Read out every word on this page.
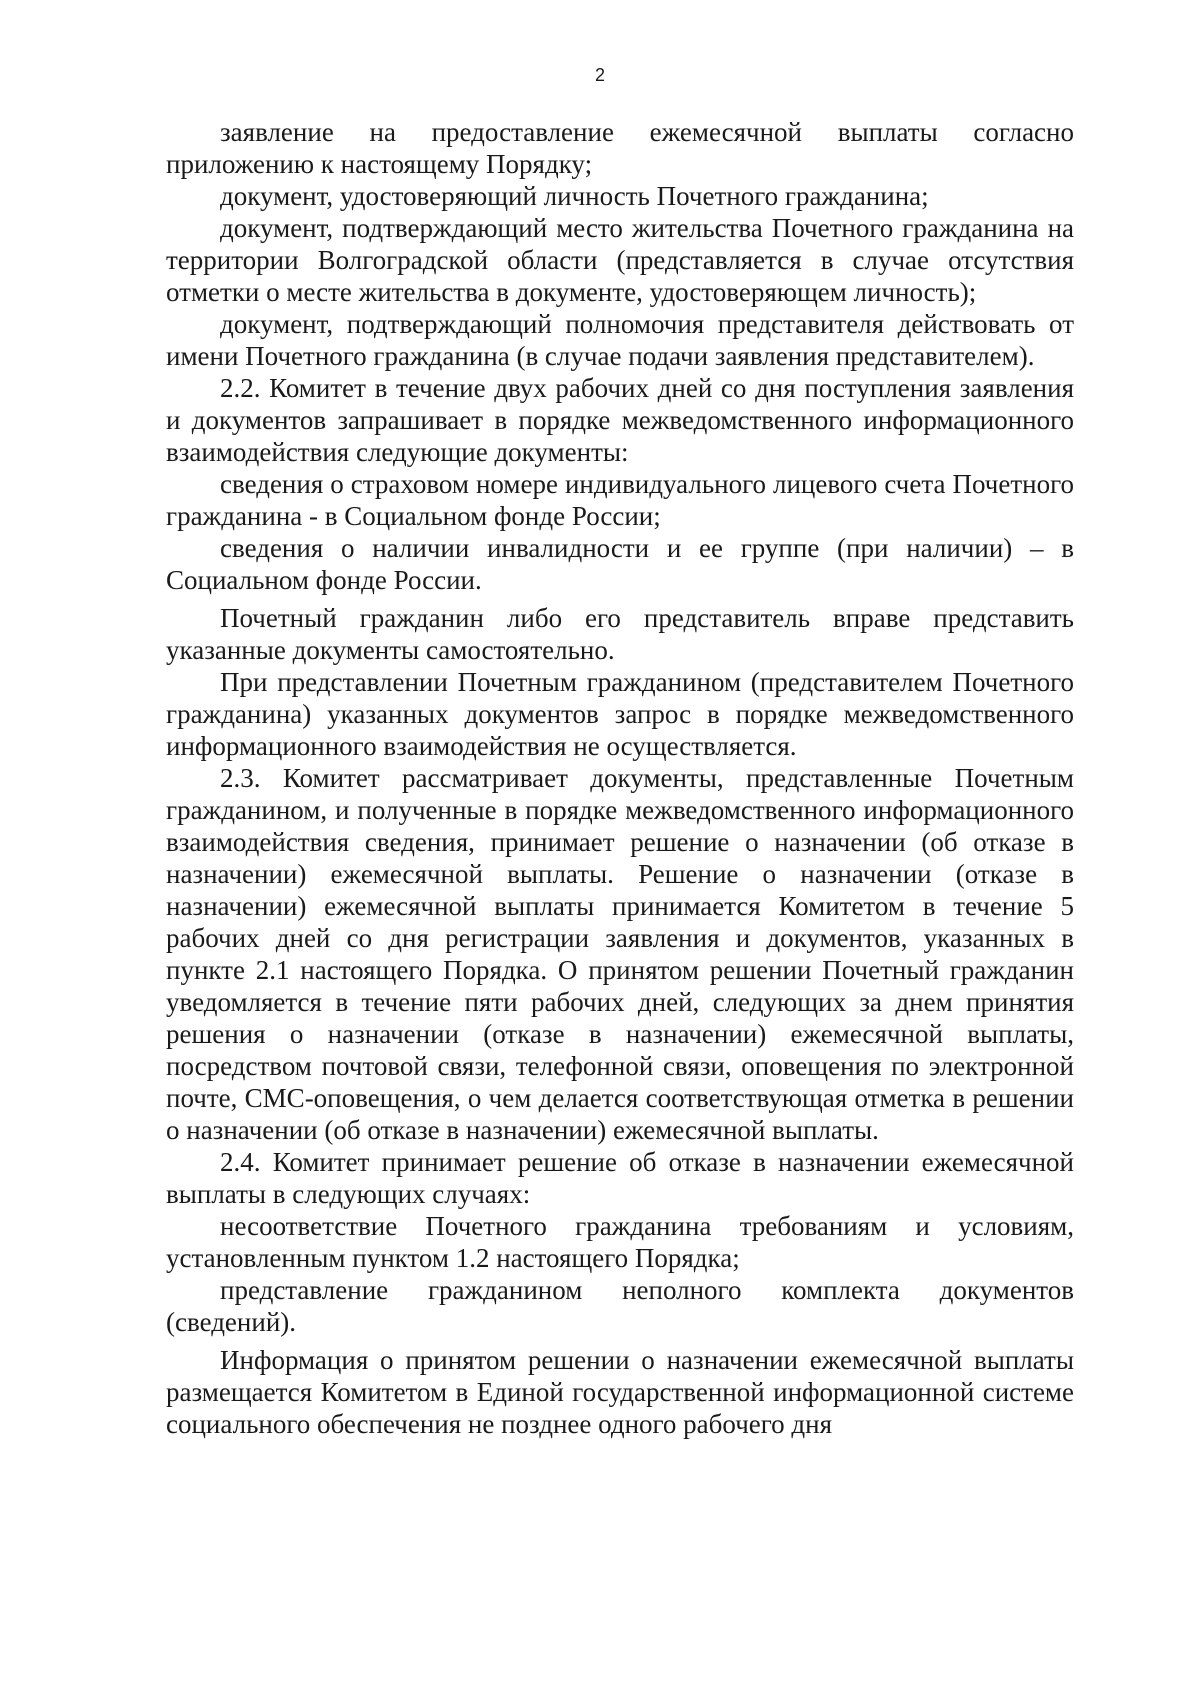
2

заявление на предоставление ежемесячной выплаты согласно приложению к настоящему Порядку;

документ, удостоверяющий личность Почетного гражданина;

документ, подтверждающий место жительства Почетного гражданина на территории Волгоградской области (представляется в случае отсутствия отметки о месте жительства в документе, удостоверяющем личность);

документ, подтверждающий полномочия представителя действовать от имени Почетного гражданина (в случае подачи заявления представителем).

2.2. Комитет в течение двух рабочих дней со дня поступления заявления и документов запрашивает в порядке межведомственного информационного взаимодействия следующие документы:

сведения о страховом номере индивидуального лицевого счета Почетного гражданина - в Социальном фонде России;

сведения о наличии инвалидности и ее группе (при наличии) – в Социальном фонде России.

Почетный гражданин либо его представитель вправе представить указанные документы самостоятельно.

При представлении Почетным гражданином (представителем Почетного гражданина) указанных документов запрос в порядке межведомственного информационного взаимодействия не осуществляется.

2.3. Комитет рассматривает документы, представленные Почетным гражданином, и полученные в порядке межведомственного информационного взаимодействия сведения, принимает решение о назначении (об отказе в назначении) ежемесячной выплаты. Решение о назначении (отказе в назначении) ежемесячной выплаты принимается Комитетом в течение 5 рабочих дней со дня регистрации заявления и документов, указанных в пункте 2.1 настоящего Порядка. О принятом решении Почетный гражданин уведомляется в течение пяти рабочих дней, следующих за днем принятия решения о назначении (отказе в назначении) ежемесячной выплаты, посредством почтовой связи, телефонной связи, оповещения по электронной почте, СМС-оповещения, о чем делается соответствующая отметка в решении о назначении (об отказе в назначении) ежемесячной выплаты.

2.4. Комитет принимает решение об отказе в назначении ежемесячной выплаты в следующих случаях:

несоответствие Почетного гражданина требованиям и условиям, установленным пунктом 1.2 настоящего Порядка;

представление гражданином неполного комплекта документов (сведений).

Информация о принятом решении о назначении ежемесячной выплаты размещается Комитетом в Единой государственной информационной системе социального обеспечения не позднее одного рабочего дня
